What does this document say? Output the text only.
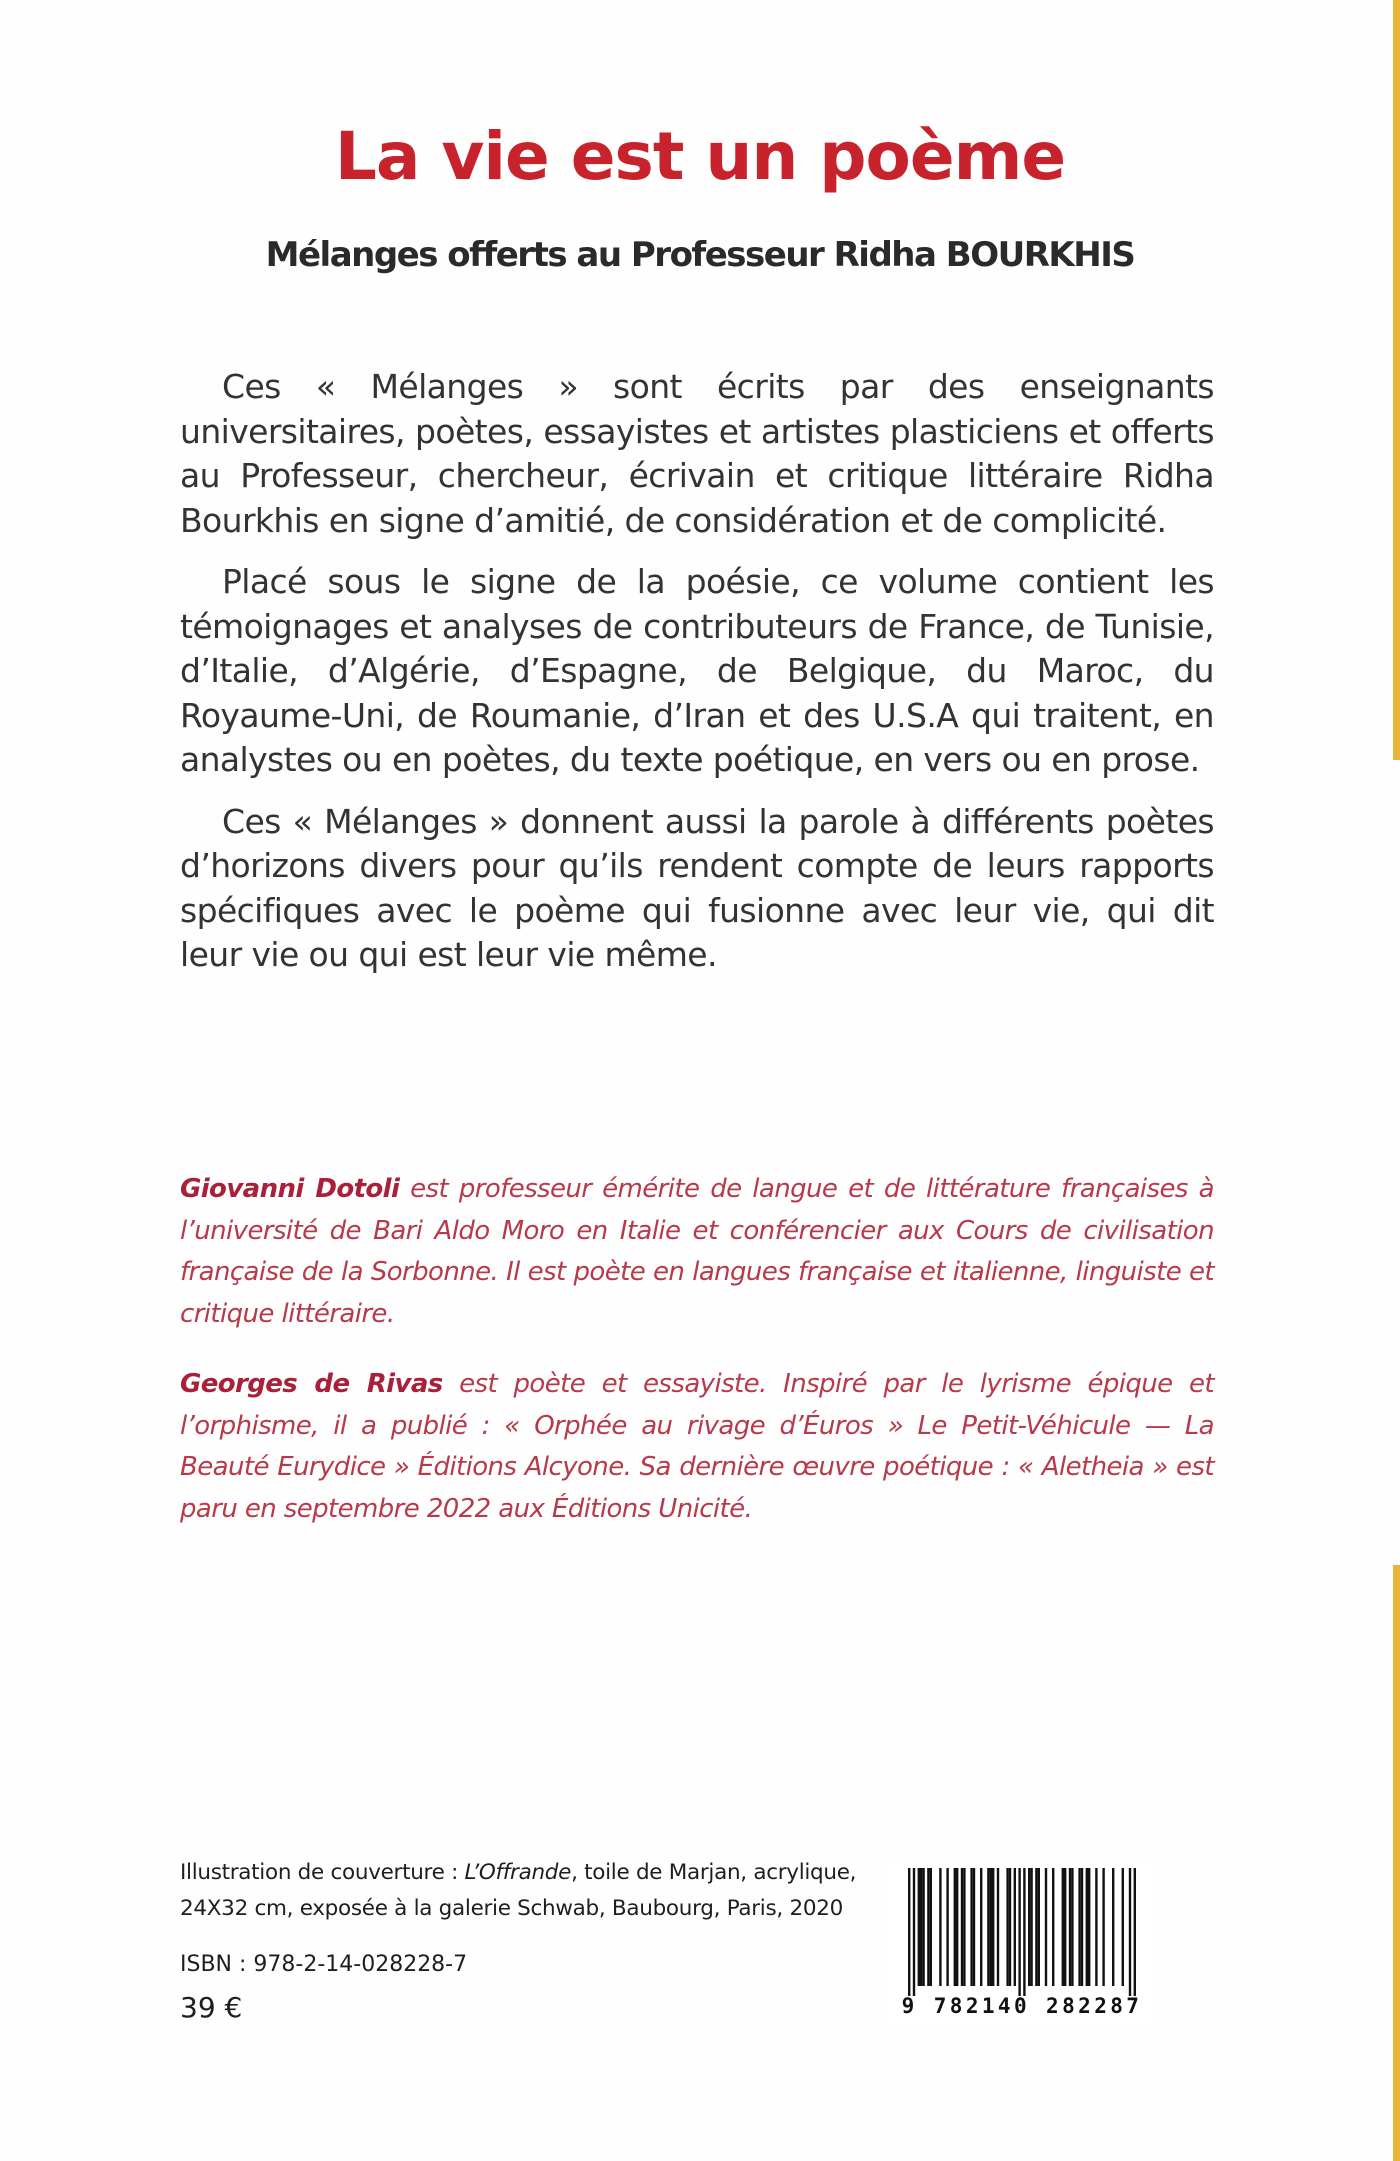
La vie est un poème
Mélanges offerts au Professeur Ridha BOURKHIS

Ces « Mélanges » sont écrits par des enseignants universitaires, poètes, essayistes et artistes plasticiens et offerts au Professeur, chercheur, écrivain et critique littéraire Ridha Bourkhis en signe d’amitié, de considération et de complicité.

Placé sous le signe de la poésie, ce volume contient les témoignages et analyses de contributeurs de France, de Tunisie, d’Italie, d’Algérie, d’Espagne, de Belgique, du Maroc, du Royaume-Uni, de Roumanie, d’Iran et des U.S.A qui traitent, en analystes ou en poètes, du texte poétique, en vers ou en prose.

Ces « Mélanges » donnent aussi la parole à différents poètes d’horizons divers pour qu’ils rendent compte de leurs rapports spécifiques avec le poème qui fusionne avec leur vie, qui dit leur vie ou qui est leur vie même.

Giovanni Dotoli est professeur émérite de langue et de littérature françaises à l’université de Bari Aldo Moro en Italie et conférencier aux Cours de civilisation française de la Sorbonne. Il est poète en langues française et italienne, linguiste et critique littéraire.

Georges de Rivas est poète et essayiste. Inspiré par le lyrisme épique et l’orphisme, il a publié : « Orphée au rivage d’Éuros » Le Petit-Véhicule — La Beauté Eurydice » Éditions Alcyone. Sa dernière œuvre poétique : « Aletheia » est paru en septembre 2022 aux Éditions Unicité.

Illustration de couverture : L’Offrande, toile de Marjan, acrylique,
24X32 cm, exposée à la galerie Schwab, Baubourg, Paris, 2020

ISBN : 978-2-14-028228-7

39 €	9 782140 282287
